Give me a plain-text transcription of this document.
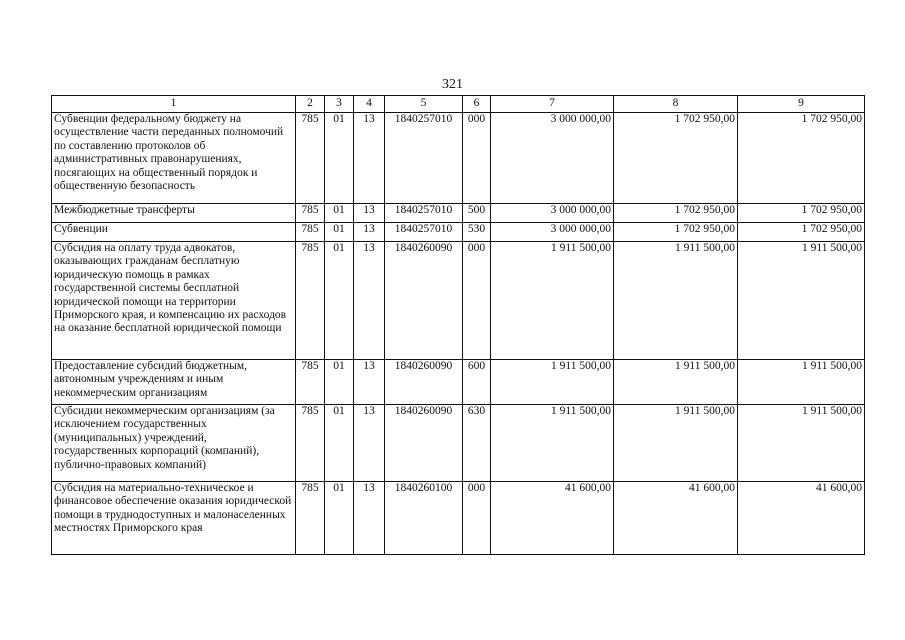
321
1	2	3	4	5	6	7	8	9
Субвенции федеральному бюджету на осуществление части переданных полномочий по составлению протоколов об административных правонарушениях, посягающих на общественный порядок и общественную безопасность	785	01	13	1840257010	000	3 000 000,00	1 702 950,00	1 702 950,00
Межбюджетные трансферты	785	01	13	1840257010	500	3 000 000,00	1 702 950,00	1 702 950,00
Субвенции	785	01	13	1840257010	530	3 000 000,00	1 702 950,00	1 702 950,00
Субсидия на оплату труда адвокатов, оказывающих гражданам бесплатную юридическую помощь в рамках государственной системы бесплатной юридической помощи на территории Приморского края, и компенсацию их расходов на оказание бесплатной юридической помощи	785	01	13	1840260090	000	1 911 500,00	1 911 500,00	1 911 500,00
Предоставление субсидий бюджетным, автономным учреждениям и иным некоммерческим организациям	785	01	13	1840260090	600	1 911 500,00	1 911 500,00	1 911 500,00
Субсидии некоммерческим организациям (за исключением государственных (муниципальных) учреждений, государственных корпораций (компаний), публично-правовых компаний)	785	01	13	1840260090	630	1 911 500,00	1 911 500,00	1 911 500,00
Субсидия на материально-техническое и финансовое обеспечение оказания юридической помощи в труднодоступных и малонаселенных местностях Приморского края	785	01	13	1840260100	000	41 600,00	41 600,00	41 600,00
